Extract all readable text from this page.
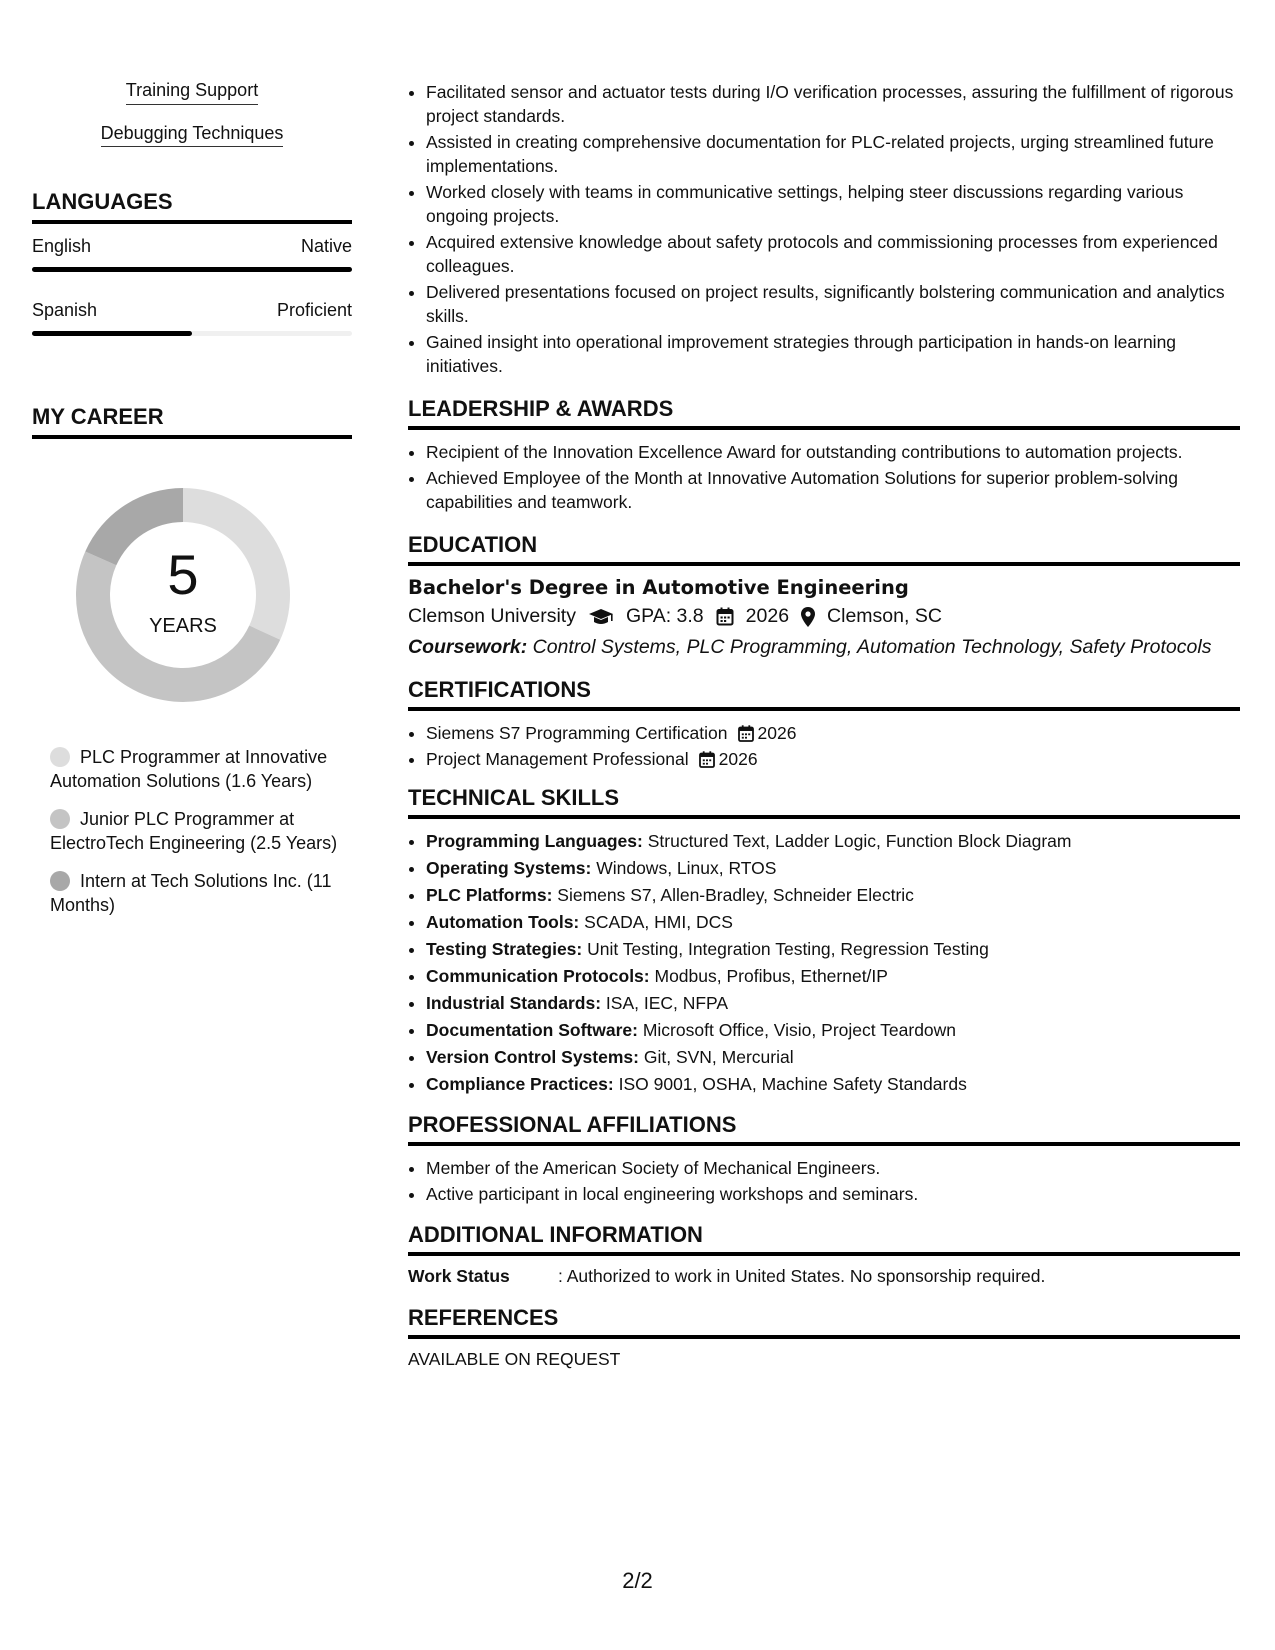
Training Support
Debugging Techniques
LANGUAGES
English	Native
Spanish	Proficient
MY CAREER
5
YEARS
PLC Programmer at Innovative Automation Solutions (1.6 Years)
Junior PLC Programmer at ElectroTech Engineering (2.5 Years)
Intern at Tech Solutions Inc. (11 Months)
• Facilitated sensor and actuator tests during I/O verification processes, assuring the fulfillment of rigorous project standards.
• Assisted in creating comprehensive documentation for PLC-related projects, urging streamlined future implementations.
• Worked closely with teams in communicative settings, helping steer discussions regarding various ongoing projects.
• Acquired extensive knowledge about safety protocols and commissioning processes from experienced colleagues.
• Delivered presentations focused on project results, significantly bolstering communication and analytics skills.
• Gained insight into operational improvement strategies through participation in hands-on learning initiatives.
LEADERSHIP & AWARDS
• Recipient of the Innovation Excellence Award for outstanding contributions to automation projects.
• Achieved Employee of the Month at Innovative Automation Solutions for superior problem-solving capabilities and teamwork.
EDUCATION
Bachelor's Degree in Automotive Engineering
Clemson University	GPA: 3.8 2026 Clemson, SC
Coursework: Control Systems, PLC Programming, Automation Technology, Safety Protocols
CERTIFICATIONS
• Siemens S7 Programming Certification 2026
• Project Management Professional 2026
TECHNICAL SKILLS
• Programming Languages: Structured Text, Ladder Logic, Function Block Diagram
• Operating Systems: Windows, Linux, RTOS
• PLC Platforms: Siemens S7, Allen-Bradley, Schneider Electric
• Automation Tools: SCADA, HMI, DCS
• Testing Strategies: Unit Testing, Integration Testing, Regression Testing
• Communication Protocols: Modbus, Profibus, Ethernet/IP
• Industrial Standards: ISA, IEC, NFPA
• Documentation Software: Microsoft Office, Visio, Project Teardown
• Version Control Systems: Git, SVN, Mercurial
• Compliance Practices: ISO 9001, OSHA, Machine Safety Standards
PROFESSIONAL AFFILIATIONS
• Member of the American Society of Mechanical Engineers.
• Active participant in local engineering workshops and seminars.
ADDITIONAL INFORMATION
Work Status	: Authorized to work in United States. No sponsorship required.
REFERENCES
AVAILABLE ON REQUEST
2/2
